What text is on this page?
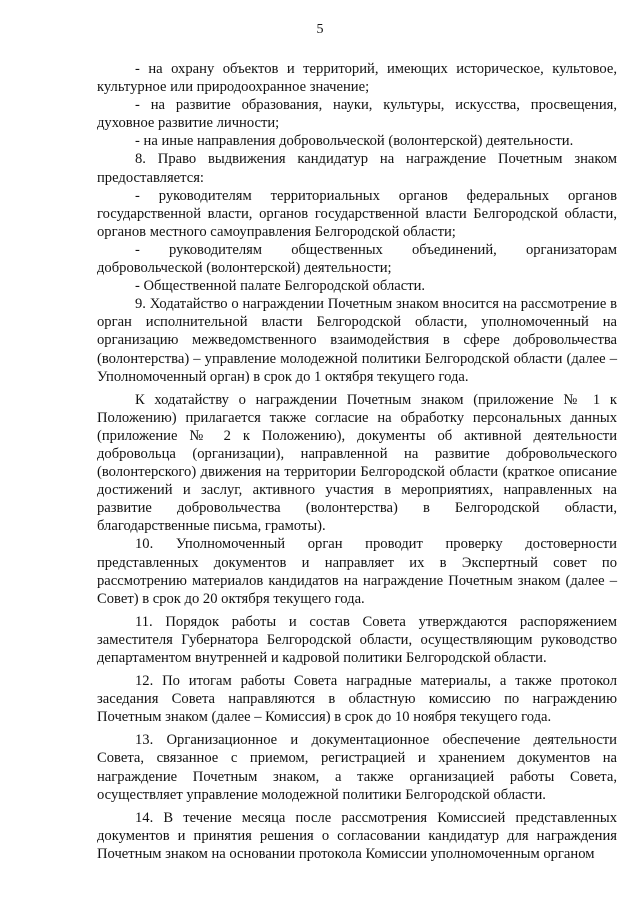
5

- на охрану объектов и территорий, имеющих историческое, культовое, культурное или природоохранное значение;

- на развитие образования, науки, культуры, искусства, просвещения, духовное развитие личности;

- на иные направления добровольческой (волонтерской) деятельности.

8. Право выдвижения кандидатур на награждение Почетным знаком предоставляется:

- руководителям территориальных органов федеральных органов государственной власти, органов государственной власти Белгородской области, органов местного самоуправления Белгородской области;

- руководителям общественных объединений, организаторам добровольческой (волонтерской) деятельности;

- Общественной палате Белгородской области.

9. Ходатайство о награждении Почетным знаком вносится на рассмотрение в орган исполнительной власти Белгородской области, уполномоченный на организацию межведомственного взаимодействия в сфере добровольчества (волонтерства) – управление молодежной политики Белгородской области (далее – Уполномоченный орган) в срок до 1 октября текущего года.

К ходатайству о награждении Почетным знаком (приложение № 1 к Положению) прилагается также согласие на обработку персональных данных (приложение № 2 к Положению), документы об активной деятельности добровольца (организации), направленной на развитие добровольческого (волонтерского) движения на территории Белгородской области (краткое описание достижений и заслуг, активного участия в мероприятиях, направленных на развитие добровольчества (волонтерства) в Белгородской области, благодарственные письма, грамоты).

10. Уполномоченный орган проводит проверку достоверности представленных документов и направляет их в Экспертный совет по рассмотрению материалов кандидатов на награждение Почетным знаком (далее – Совет) в срок до 20 октября текущего года.

11. Порядок работы и состав Совета утверждаются распоряжением заместителя Губернатора Белгородской области, осуществляющим руководство департаментом внутренней и кадровой политики Белгородской области.

12. По итогам работы Совета наградные материалы, а также протокол заседания Совета направляются в областную комиссию по награждению Почетным знаком (далее – Комиссия) в срок до 10 ноября текущего года.

13. Организационное и документационное обеспечение деятельности Совета, связанное с приемом, регистрацией и хранением документов на награждение Почетным знаком, а также организацией работы Совета, осуществляет управление молодежной политики Белгородской области.

14. В течение месяца после рассмотрения Комиссией представленных документов и принятия решения о согласовании кандидатур для награждения Почетным знаком на основании протокола Комиссии уполномоченным органом
